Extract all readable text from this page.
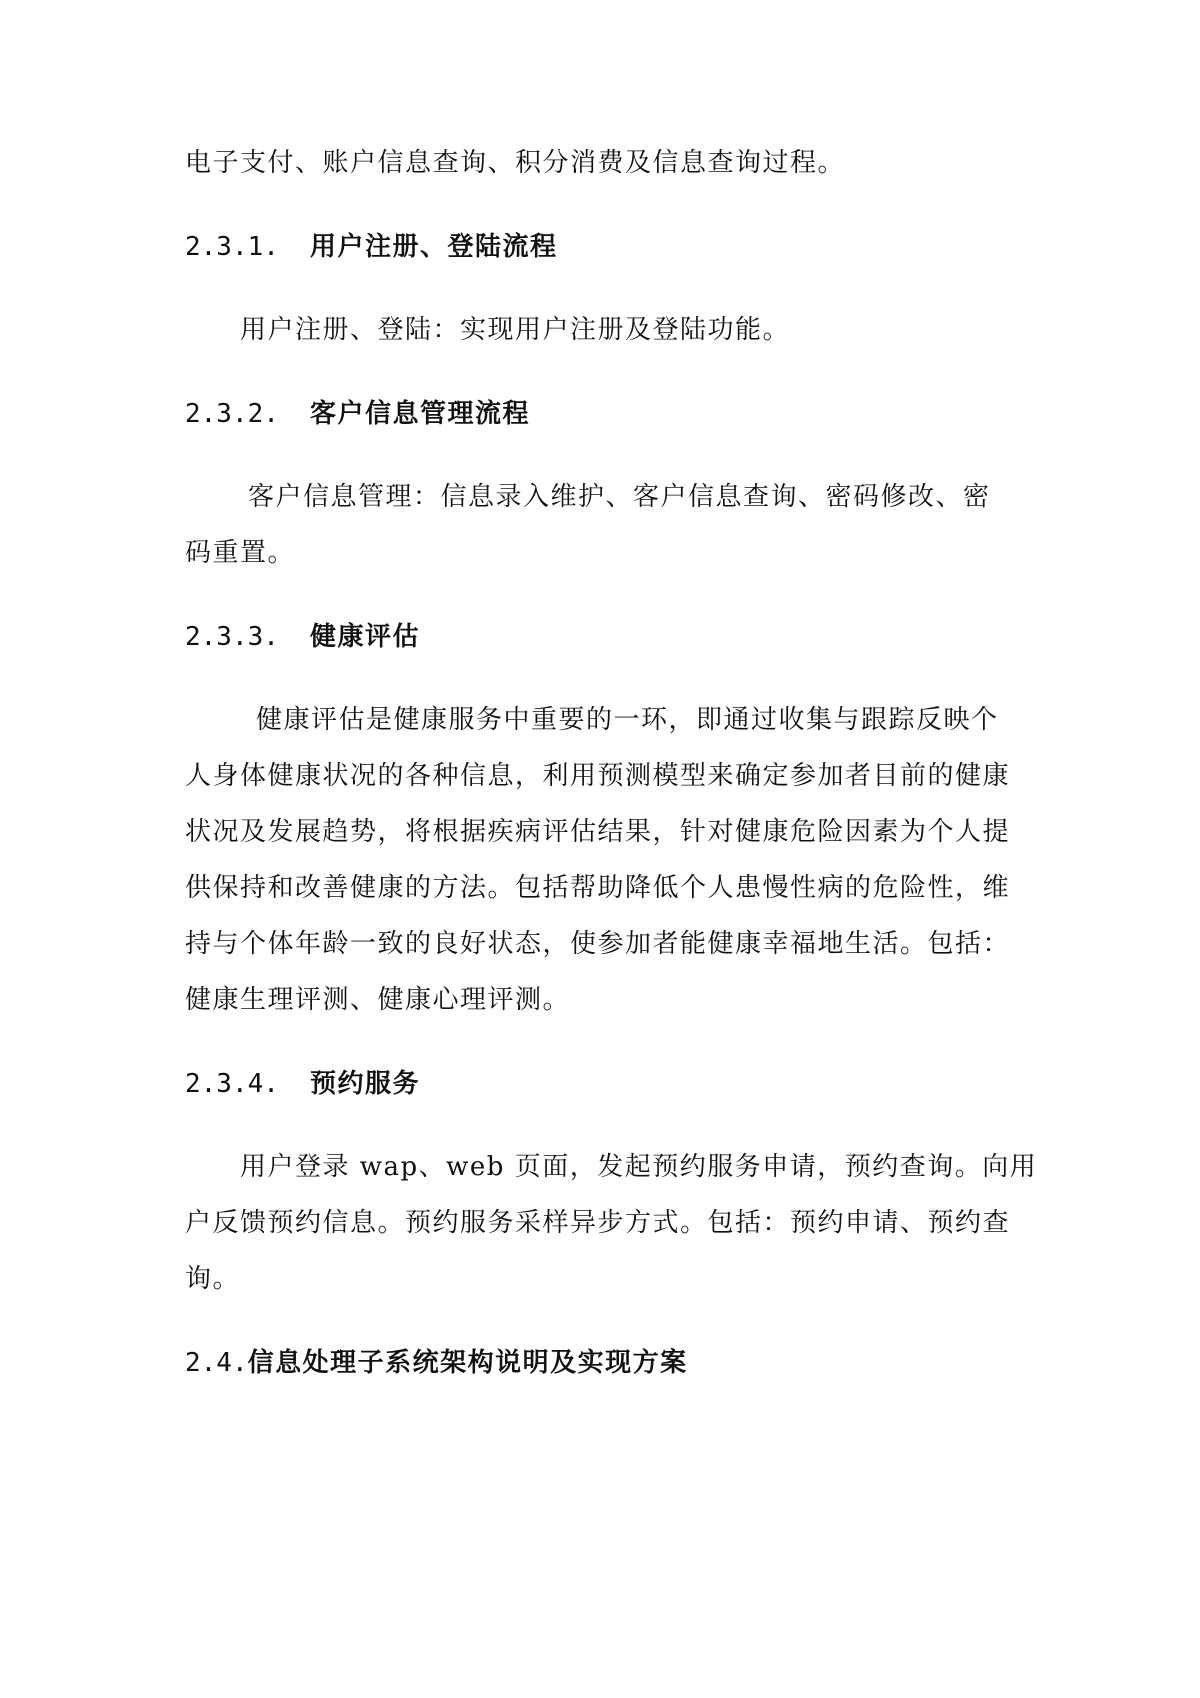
电子支付、账户信息查询、积分消费及信息查询过程。
2.3.1. 用户注册、登陆流程
用户注册、登陆：实现用户注册及登陆功能。
2.3.2. 客户信息管理流程
客户信息管理：信息录入维护、客户信息查询、密码修改、密
码重置。
2.3.3. 健康评估
健康评估是健康服务中重要的一环，即通过收集与跟踪反映个
人身体健康状况的各种信息，利用预测模型来确定参加者目前的健康
状况及发展趋势，将根据疾病评估结果，针对健康危险因素为个人提
供保持和改善健康的方法。包括帮助降低个人患慢性病的危险性，维
持与个体年龄一致的良好状态，使参加者能健康幸福地生活。包括：
健康生理评测、健康心理评测。
2.3.4. 预约服务
用户登录 wap、web 页面，发起预约服务申请，预约查询。向用
户反馈预约信息。预约服务采样异步方式。包括：预约申请、预约查
询。
2.4.信息处理子系统架构说明及实现方案
